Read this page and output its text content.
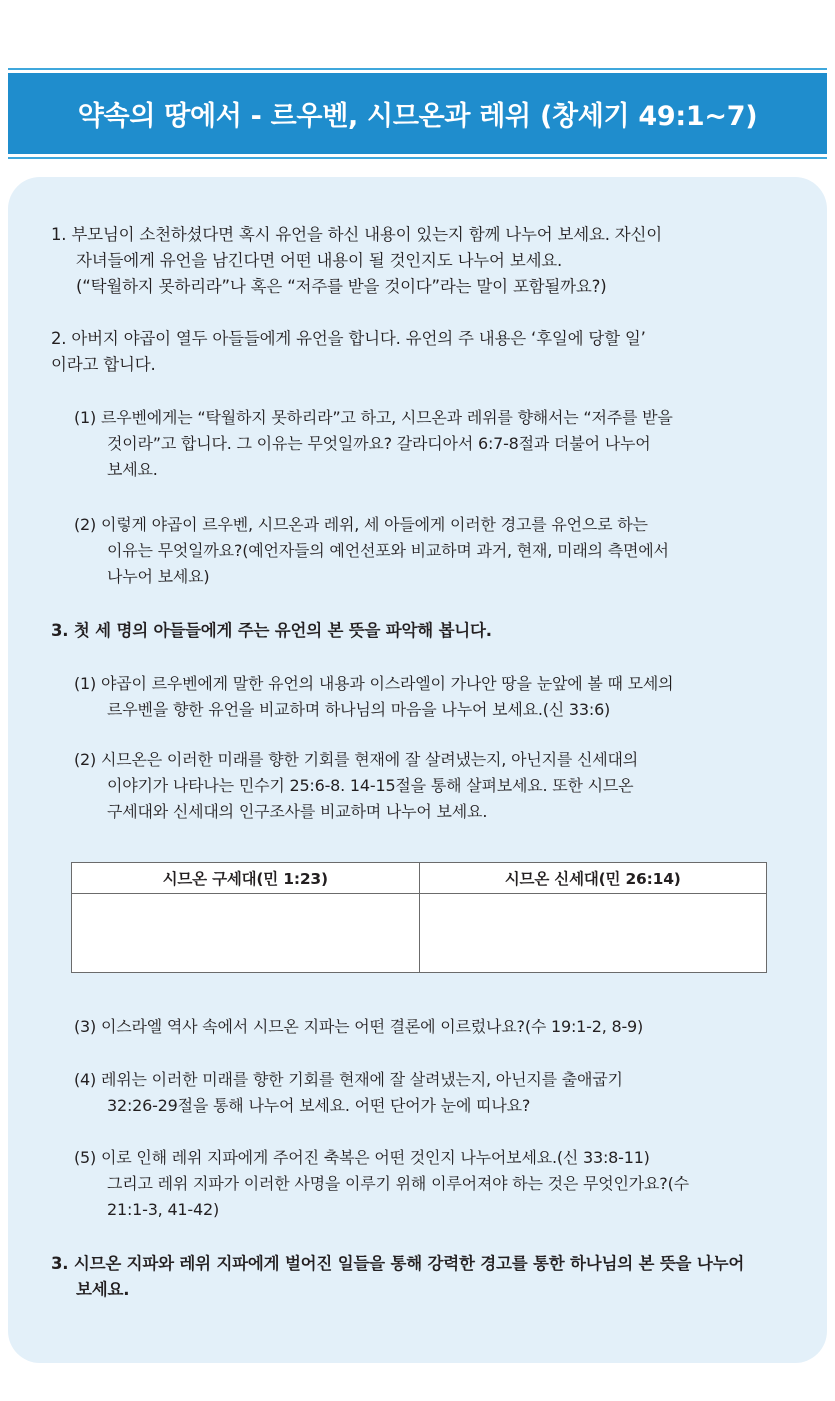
약속의 땅에서 - 르우벤, 시므온과 레위 (창세기 49:1~7)

1. 부모님이 소천하셨다면 혹시 유언을 하신 내용이 있는지 함께 나누어 보세요. 자신이

자녀들에게 유언을 남긴다면 어떤 내용이 될 것인지도 나누어 보세요.

(“탁월하지 못하리라”나 혹은 “저주를 받을 것이다”라는 말이 포함될까요?)

2. 아버지 야곱이 열두 아들들에게 유언을 합니다. 유언의 주 내용은 ‘후일에 당할 일’

이라고 합니다.

(1) 르우벤에게는 “탁월하지 못하리라”고 하고, 시므온과 레위를 향해서는 “저주를 받을

것이라”고 합니다. 그 이유는 무엇일까요? 갈라디아서 6:7-8절과 더불어 나누어

보세요.

(2) 이렇게 야곱이 르우벤, 시므온과 레위, 세 아들에게 이러한 경고를 유언으로 하는

이유는 무엇일까요?(예언자들의 예언선포와 비교하며 과거, 현재, 미래의 측면에서

나누어 보세요)

3. 첫 세 명의 아들들에게 주는 유언의 본 뜻을 파악해 봅니다.

(1) 야곱이 르우벤에게 말한 유언의 내용과 이스라엘이 가나안 땅을 눈앞에 볼 때 모세의

르우벤을 향한 유언을 비교하며 하나님의 마음을 나누어 보세요.(신 33:6)

(2) 시므온은 이러한 미래를 향한 기회를 현재에 잘 살려냈는지, 아닌지를 신세대의

이야기가 나타나는 민수기 25:6-8. 14-15절을 통해 살펴보세요. 또한 시므온

구세대와 신세대의 인구조사를 비교하며 나누어 보세요.

시므온 구세대(민 1:23)	시므온 신세대(민 26:14)

(3) 이스라엘 역사 속에서 시므온 지파는 어떤 결론에 이르렀나요?(수 19:1-2, 8-9)

(4) 레위는 이러한 미래를 향한 기회를 현재에 잘 살려냈는지, 아닌지를 출애굽기

32:26-29절을 통해 나누어 보세요. 어떤 단어가 눈에 띠나요?

(5) 이로 인해 레위 지파에게 주어진 축복은 어떤 것인지 나누어보세요.(신 33:8-11)

그리고 레위 지파가 이러한 사명을 이루기 위해 이루어져야 하는 것은 무엇인가요?(수

21:1-3, 41-42)

3. 시므온 지파와 레위 지파에게 벌어진 일들을 통해 강력한 경고를 통한 하나님의 본 뜻을 나누어

보세요.
